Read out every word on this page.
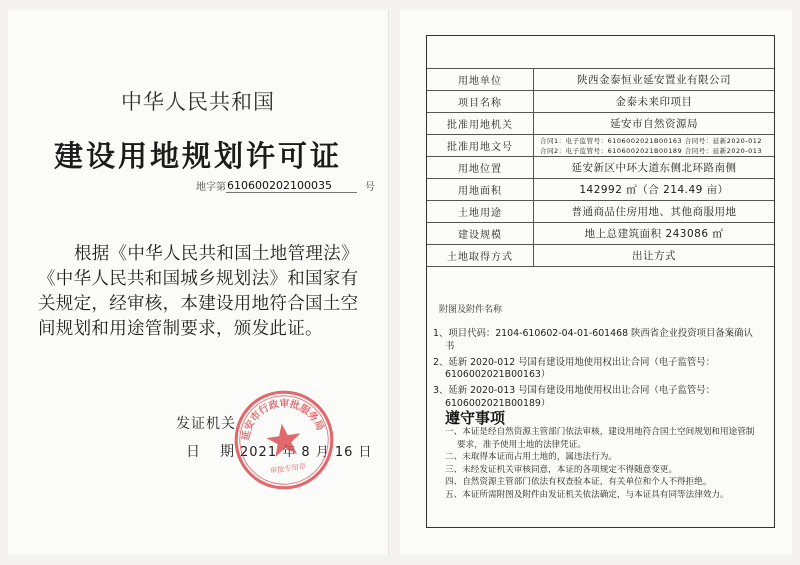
中华人民共和国
建设用地规划许可证
地字第 610600202100035	号
根据《中华人民共和国土地管理法》《中华人民共和国城乡规划法》和国家有关规定，经审核，本建设用地符合国土空间规划和用途管制要求，颁发此证。
发证机关
日期
2021 年 8 月 16 日
延安市行政审批服务局
审批专用章
用地单位	陕西金泰恒业延安置业有限公司
项目名称	金泰未来印项目
批准用地机关	延安市自然资源局
批准用地文号	合同1：电子监管号：6106002021B00163 合同号：延新2020-012
合同2：电子监管号：6106002021B00189 合同号：延新2020-013

用地位置	延安新区中环大道东侧北环路南侧
用地面积	142992 ㎡（合 214.49 亩）
土地用途	普通商品住房用地、其他商服用地
建设规模	地上总建筑面积 243086 ㎡
土地取得方式	出让方式
附图及附件名称
1、项目代码：2104-610602-04-01-601468 陕西省企业投资项目备案确认书
2、延新 2020-012 号国有建设用地使用权出让合同（电子监管号：6106002021B00163）
3、延新 2020-013 号国有建设用地使用权出让合同（电子监管号：6106002021B00189）
遵守事项
一、本证是经自然资源主管部门依法审核，建设用地符合国土空间规划和用途管制要求，准予使用土地的法律凭证。
二、未取得本证而占用土地的，属违法行为。
三、未经发证机关审核同意，本证的各项规定不得随意变更。
四、自然资源主管部门依法有权查验本证，有关单位和个人不得拒绝。
五、本证所需附图及附件由发证机关依法确定，与本证具有同等法律效力。
